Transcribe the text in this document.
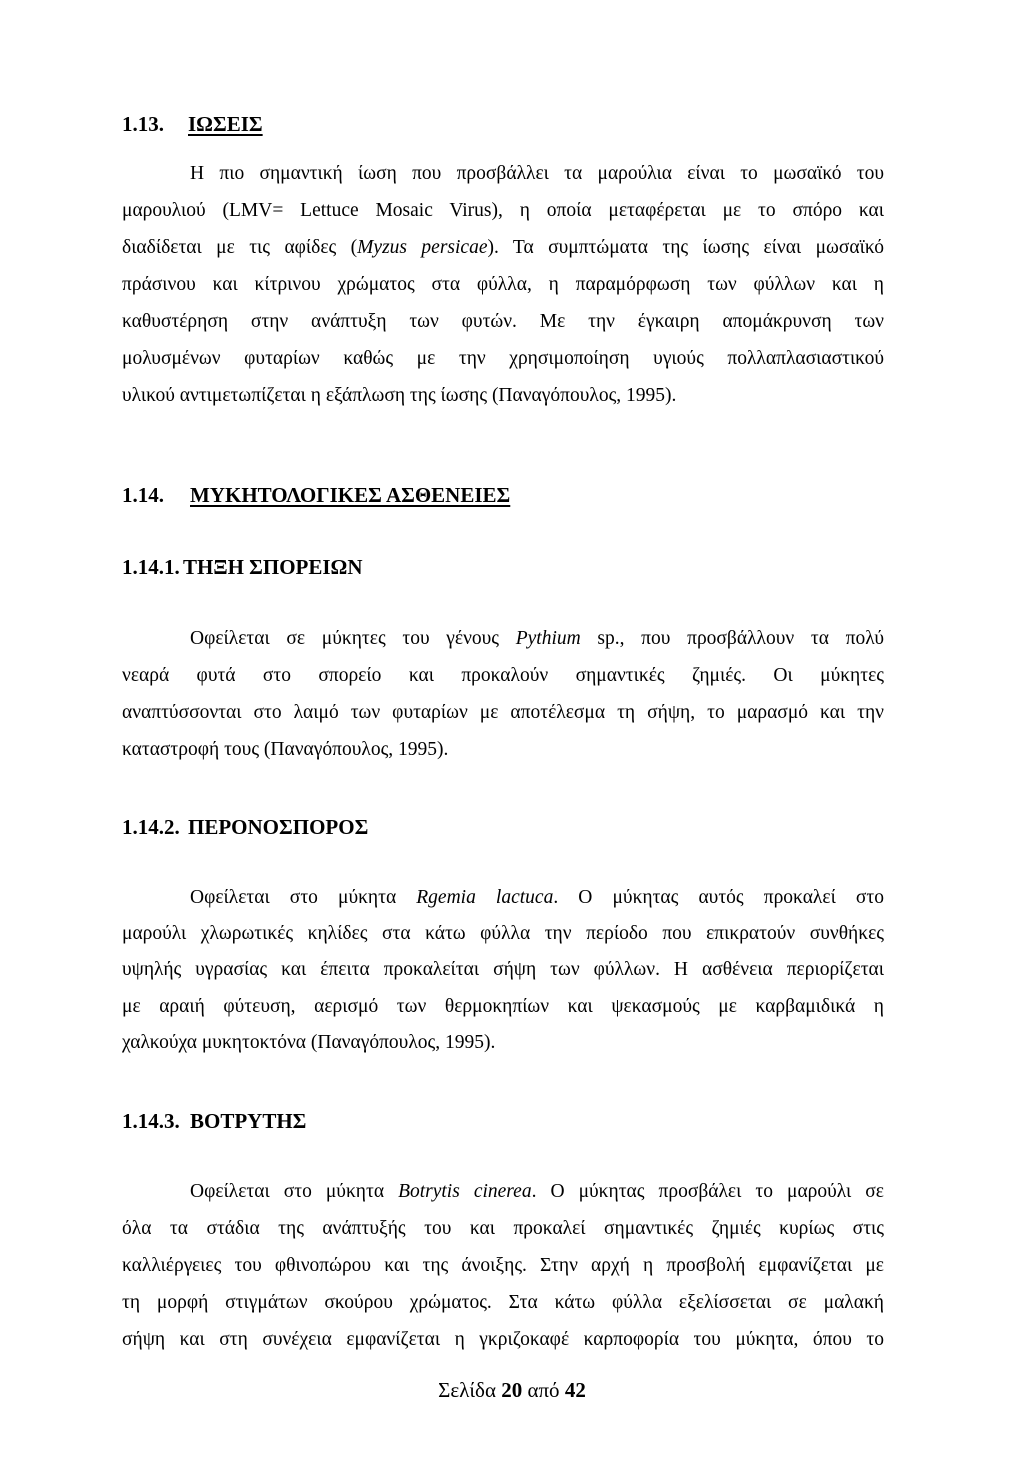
1.13. ΙΩΣΕΙΣ
Η πιο σημαντική ίωση που προσβάλλει τα μαρούλια είναι το μωσαϊκό του
μαρουλιού (LMV= Lettuce Mosaic Virus), η οποία μεταφέρεται με το σπόρο και
διαδίδεται με τις αφίδες (Myzus persicae). Τα συμπτώματα της ίωσης είναι μωσαϊκό
πράσινου και κίτρινου χρώματος στα φύλλα, η παραμόρφωση των φύλλων και η
καθυστέρηση στην ανάπτυξη των φυτών. Με την έγκαιρη απομάκρυνση των
μολυσμένων φυταρίων καθώς με την χρησιμοποίηση υγιούς πολλαπλασιαστικού
υλικού αντιμετωπίζεται η εξάπλωση της ίωσης (Παναγόπουλος, 1995).
1.14. ΜΥΚΗΤΟΛΟΓΙΚΕΣ ΑΣΘΕΝΕΙΕΣ
1.14.1. ΤΗΞΗ ΣΠΟΡΕΙΩΝ
Οφείλεται σε μύκητες του γένους Pythium sp., που προσβάλλουν τα πολύ
νεαρά φυτά στο σπορείο και προκαλούν σημαντικές ζημιές. Οι μύκητες
αναπτύσσονται στο λαιμό των φυταρίων με αποτέλεσμα τη σήψη, το μαρασμό και την
καταστροφή τους (Παναγόπουλος, 1995).
1.14.2. ΠΕΡΟΝΟΣΠΟΡΟΣ
Οφείλεται στο μύκητα Rgemia lactuca. Ο μύκητας αυτός προκαλεί στο
μαρούλι χλωρωτικές κηλίδες στα κάτω φύλλα την περίοδο που επικρατούν συνθήκες
υψηλής υγρασίας και έπειτα προκαλείται σήψη των φύλλων. Η ασθένεια περιορίζεται
με αραιή φύτευση, αερισμό των θερμοκηπίων και ψεκασμούς με καρβαμιδικά η
χαλκούχα μυκητοκτόνα (Παναγόπουλος, 1995).
1.14.3. ΒΟΤΡΥΤΗΣ
Οφείλεται στο μύκητα Botrytis cinerea. Ο μύκητας προσβάλει το μαρούλι σε
όλα τα στάδια της ανάπτυξής του και προκαλεί σημαντικές ζημιές κυρίως στις
καλλιέργειες του φθινοπώρου και της άνοιξης. Στην αρχή η προσβολή εμφανίζεται με
τη μορφή στιγμάτων σκούρου χρώματος. Στα κάτω φύλλα εξελίσσεται σε μαλακή
σήψη και στη συνέχεια εμφανίζεται η γκριζοκαφέ καρποφορία του μύκητα, όπου το
Σελίδα 20 από 42
